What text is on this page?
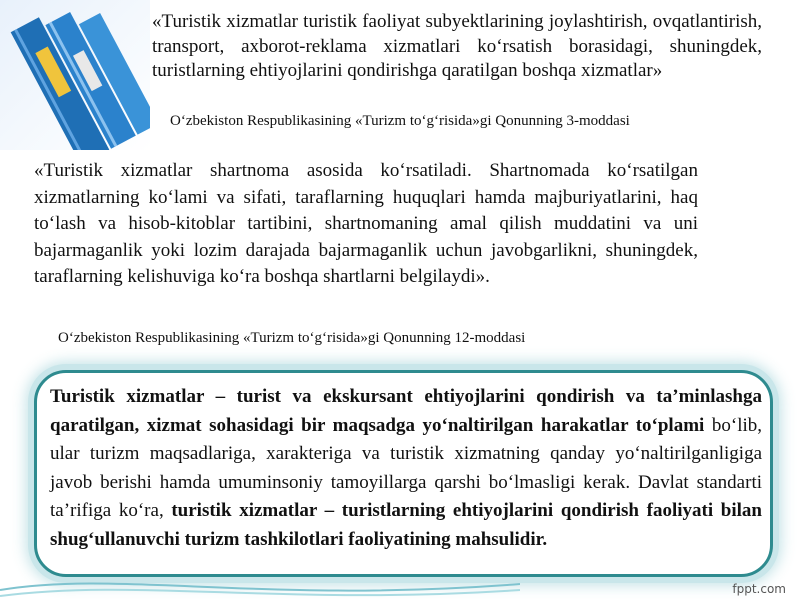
«Turistik xizmatlar turistik faoliyat subyektlarining joylashtirish, ovqatlantirish, transport, axborot-reklama xizmatlari ko‘rsatish borasidagi, shuningdek, turistlarning ehtiyojlarini qondirishga qaratilgan boshqa xizmatlar»
O‘zbekiston Respublikasining «Turizm to‘g‘risida»gi Qonunning 3-moddasi
«Turistik xizmatlar shartnoma asosida ko‘rsatiladi. Shartnomada ko‘rsatilgan xizmatlarning ko‘lami va sifati, taraflarning huquqlari hamda majburiyatlarini, haq to‘lash va hisob-kitoblar tartibini, shartnomaning amal qilish muddatini va uni bajarmaganlik yoki lozim darajada bajarmaganlik uchun javobgarlikni, shuningdek, taraflarning kelishuviga ko‘ra boshqa shartlarni belgilaydi».
O‘zbekiston Respublikasining «Turizm to‘g‘risida»gi Qonunning 12-moddasi
Turistik xizmatlar – turist va ekskursant ehtiyojlarini qondirish va ta’minlashga qaratilgan, xizmat sohasidagi bir maqsadga yo‘naltirilgan harakatlar to‘plami bo‘lib, ular turizm maqsadlariga, xarakteriga va turistik xizmatning qanday yo‘naltirilganligiga javob berishi hamda umuminsoniy tamoyillarga qarshi bo‘lmasligi kerak. Davlat standarti ta’rifiga ko‘ra, turistik xizmatlar – turistlarning ehtiyojlarini qondirish faoliyati bilan shug‘ullanuvchi turizm tashkilotlari faoliyatining mahsulidir.
fppt.com
